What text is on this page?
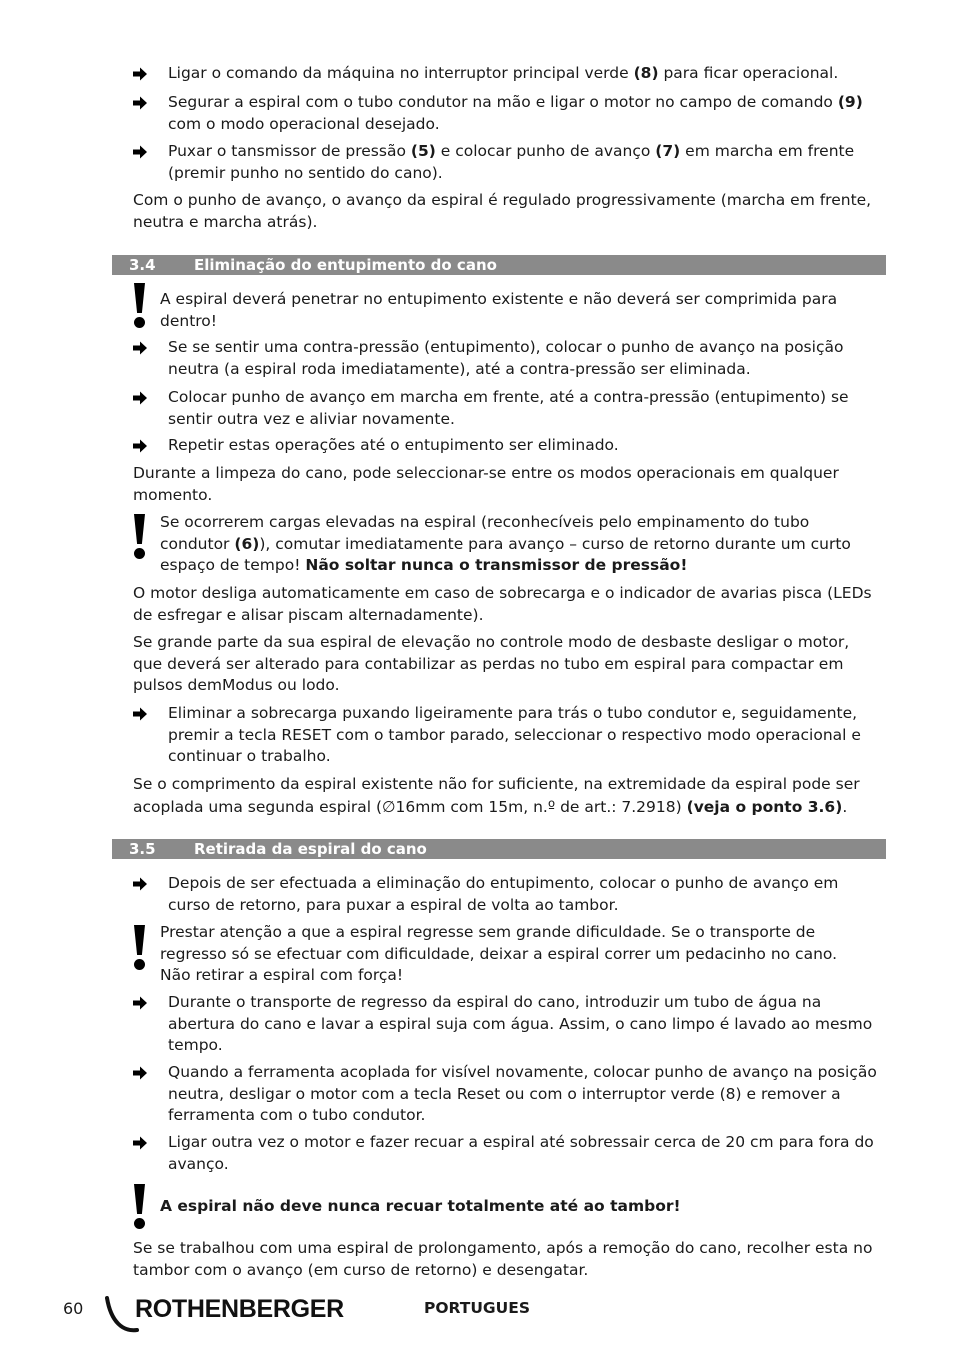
Ligar o comando da máquina no interruptor principal verde (8) para ficar operacional.
Segurar a espiral com o tubo condutor na mão e ligar o motor no campo de comando (9) com o modo operacional desejado.
Puxar o tansmissor de pressão (5) e colocar punho de avanço (7) em marcha em frente (premir punho no sentido do cano).
Com o punho de avanço, o avanço da espiral é regulado progressivamente (marcha em frente, neutra e marcha atrás).
3.4	Eliminação do entupimento do cano
A espiral deverá penetrar no entupimento existente e não deverá ser comprimida para dentro!
Se se sentir uma contra-pressão (entupimento), colocar o punho de avanço na posição neutra (a espiral roda imediatamente), até a contra-pressão ser eliminada.
Colocar punho de avanço em marcha em frente, até a contra-pressão (entupimento) se sentir outra vez e aliviar novamente.
Repetir estas operações até o entupimento ser eliminado.
Durante a limpeza do cano, pode seleccionar-se entre os modos operacionais em qualquer momento.
Se ocorrerem cargas elevadas na espiral (reconhecíveis pelo empinamento do tubo condutor (6)), comutar imediatamente para avanço – curso de retorno durante um curto espaço de tempo! Não soltar nunca o transmissor de pressão!
O motor desliga automaticamente em caso de sobrecarga e o indicador de avarias pisca (LEDs de esfregar e alisar piscam alternadamente).
Se grande parte da sua espiral de elevação no controle modo de desbaste desligar o motor, que deverá ser alterado para contabilizar as perdas no tubo em espiral para compactar em pulsos demModus ou lodo.
Eliminar a sobrecarga puxando ligeiramente para trás o tubo condutor e, seguidamente, premir a tecla RESET com o tambor parado, seleccionar o respectivo modo operacional e continuar o trabalho.
Se o comprimento da espiral existente não for suficiente, na extremidade da espiral pode ser acoplada uma segunda espiral (∅16mm com 15m, n.º de art.: 7.2918) (veja o ponto 3.6).
3.5	Retirada da espiral do cano
Depois de ser efectuada a eliminação do entupimento, colocar o punho de avanço em curso de retorno, para puxar a espiral de volta ao tambor.
Prestar atenção a que a espiral regresse sem grande dificuldade. Se o transporte de regresso só se efectuar com dificuldade, deixar a espiral correr um pedacinho no cano. Não retirar a espiral com força!
Durante o transporte de regresso da espiral do cano, introduzir um tubo de água na abertura do cano e lavar a espiral suja com água. Assim, o cano limpo é lavado ao mesmo tempo.
Quando a ferramenta acoplada for visível novamente, colocar punho de avanço na posição neutra, desligar o motor com a tecla Reset ou com o interruptor verde (8) e remover a ferramenta com o tubo condutor.
Ligar outra vez o motor e fazer recuar a espiral até sobressair cerca de 20 cm para fora do avanço.
A espiral não deve nunca recuar totalmente até ao tambor!
Se se trabalhou com uma espiral de prolongamento, após a remoção do cano, recolher esta no tambor com o avanço (em curso de retorno) e desengatar.
60 ROTHENBERGER	PORTUGUES
